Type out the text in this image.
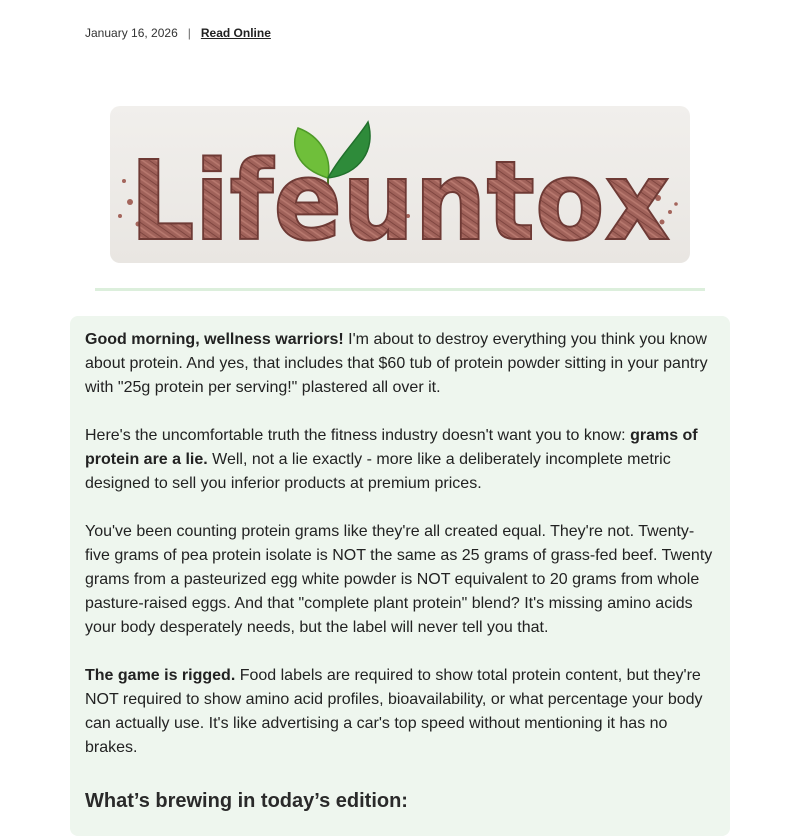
January 16, 2026 | Read Online
Lifeuntox

Good morning, wellness warriors! I'm about to destroy everything you think you know about protein. And yes, that includes that $60 tub of protein powder sitting in your pantry with "25g protein per serving!" plastered all over it.

Here's the uncomfortable truth the fitness industry doesn't want you to know: grams of protein are a lie. Well, not a lie exactly - more like a deliberately incomplete metric designed to sell you inferior products at premium prices.

You've been counting protein grams like they're all created equal. They're not. Twenty-five grams of pea protein isolate is NOT the same as 25 grams of grass-fed beef. Twenty grams from a pasteurized egg white powder is NOT equivalent to 20 grams from whole pasture-raised eggs. And that "complete plant protein" blend? It's missing amino acids your body desperately needs, but the label will never tell you that.

The game is rigged. Food labels are required to show total protein content, but they're NOT required to show amino acid profiles, bioavailability, or what percentage your body can actually use. It's like advertising a car's top speed without mentioning it has no brakes.

What’s brewing in today’s edition:
